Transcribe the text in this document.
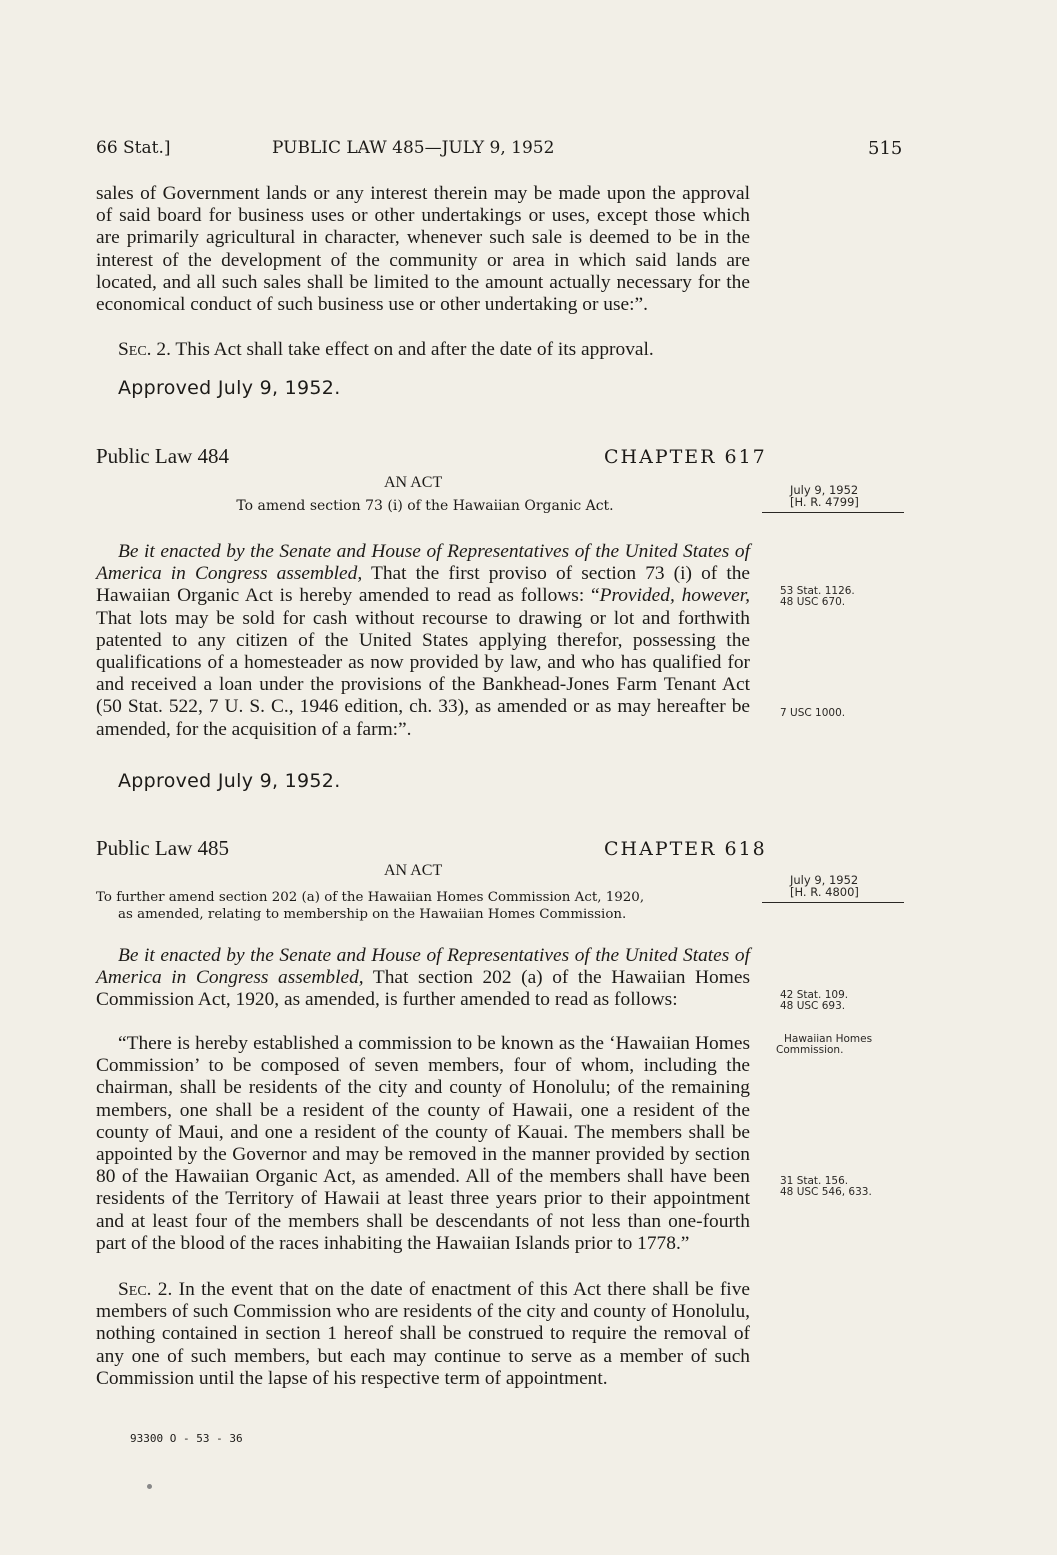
66 Stat.]	PUBLIC LAW 485—JULY 9, 1952	515
sales of Government lands or any interest therein may be made upon the approval of said board for business uses or other undertakings or uses, except those which are primarily agricultural in character, whenever such sale is deemed to be in the interest of the development of the community or area in which said lands are located, and all such sales shall be limited to the amount actually necessary for the economical conduct of such business use or other undertaking or use:”.
Sec. 2. This Act shall take effect on and after the date of its approval.
Approved July 9, 1952.
Public Law 484	CHAPTER 617
AN ACT
To amend section 73 (i) of the Hawaiian Organic Act.
July 9, 1952
[H. R. 4799]
Be it enacted by the Senate and House of Representatives of the United States of America in Congress assembled, That the first proviso of section 73 (i) of the Hawaiian Organic Act is hereby amended to read as follows: “Provided, however, That lots may be sold for cash without recourse to drawing or lot and forthwith patented to any citizen of the United States applying therefor, possessing the qualifications of a homesteader as now provided by law, and who has qualified for and received a loan under the provisions of the Bankhead-Jones Farm Tenant Act (50 Stat. 522, 7 U. S. C., 1946 edition, ch. 33), as amended or as may hereafter be amended, for the acquisition of a farm:”.
Approved July 9, 1952.
53 Stat. 1126.
48 USC 670.
7 USC 1000.
Public Law 485	CHAPTER 618
AN ACT
To further amend section 202 (a) of the Hawaiian Homes Commission Act, 1920,
as amended, relating to membership on the Hawaiian Homes Commission.
July 9, 1952
[H. R. 4800]
Be it enacted by the Senate and House of Representatives of the United States of America in Congress assembled, That section 202 (a) of the Hawaiian Homes Commission Act, 1920, as amended, is further amended to read as follows:
“There is hereby established a commission to be known as the ‘Hawaiian Homes Commission’ to be composed of seven members, four of whom, including the chairman, shall be residents of the city and county of Honolulu; of the remaining members, one shall be a resident of the county of Hawaii, one a resident of the county of Maui, and one a resident of the county of Kauai. The members shall be appointed by the Governor and may be removed in the manner provided by section 80 of the Hawaiian Organic Act, as amended. All of the members shall have been residents of the Territory of Hawaii at least three years prior to their appointment and at least four of the members shall be descendants of not less than one-fourth part of the blood of the races inhabiting the Hawaiian Islands prior to 1778.”
Sec. 2. In the event that on the date of enactment of this Act there shall be five members of such Commission who are residents of the city and county of Honolulu, nothing contained in section 1 hereof shall be construed to require the removal of any one of such members, but each may continue to serve as a member of such Commission until the lapse of his respective term of appointment.
42 Stat. 109.
48 USC 693.
Hawaiian Homes
Commission.
31 Stat. 156.
48 USC 546, 633.
93300 O - 53 - 36
